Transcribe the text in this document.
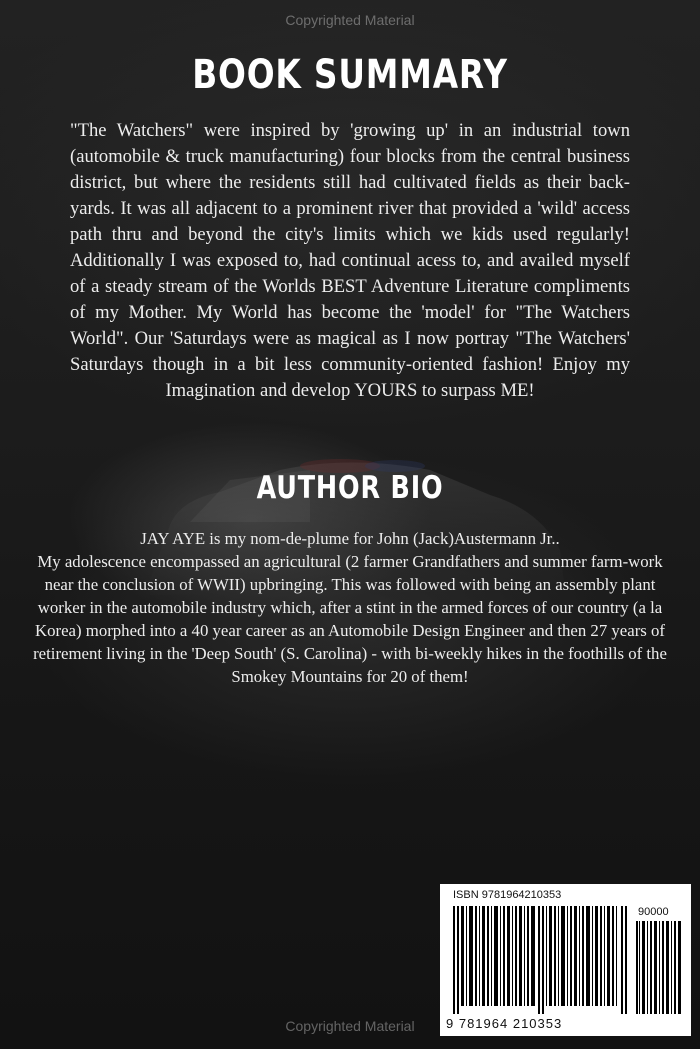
Copyrighted Material
BOOK SUMMARY

"The Watchers" were inspired by 'growing up' in an industrial town (automobile & truck manufacturing) four blocks from the central business district, but where the residents still had cultivated fields as their back-yards. It was all adjacent to a prominent river that provided a 'wild' access path thru and beyond the city's limits which we kids used regularly! Additionally I was exposed to, had continual acess to, and availed myself of a steady stream of the Worlds BEST Adventure Literature compliments of my Mother. My World has become the 'model' for "The Watchers World". Our 'Saturdays were as magical as I now portray "The Watchers' Saturdays though in a bit less community-oriented fashion! Enjoy my Imagination and develop YOURS to surpass ME!

AUTHOR BIO
JAY AYE is my nom-de-plume for John (Jack)Austermann Jr..
My adolescence encompassed an agricultural (2 farmer Grandfathers and summer farm-work near the conclusion of WWII) upbringing. This was followed with being an assembly plant worker in the automobile industry which, after a stint in the armed forces of our country (a la Korea) morphed into a 40 year career as an Automobile Design Engineer and then 27 years of retirement living in the 'Deep South' (S. Carolina) - with bi-weekly hikes in the foothills of the Smokey Mountains for 20 of them!
ISBN 9781964210353
90000
9 781964 210353
Copyrighted Material
